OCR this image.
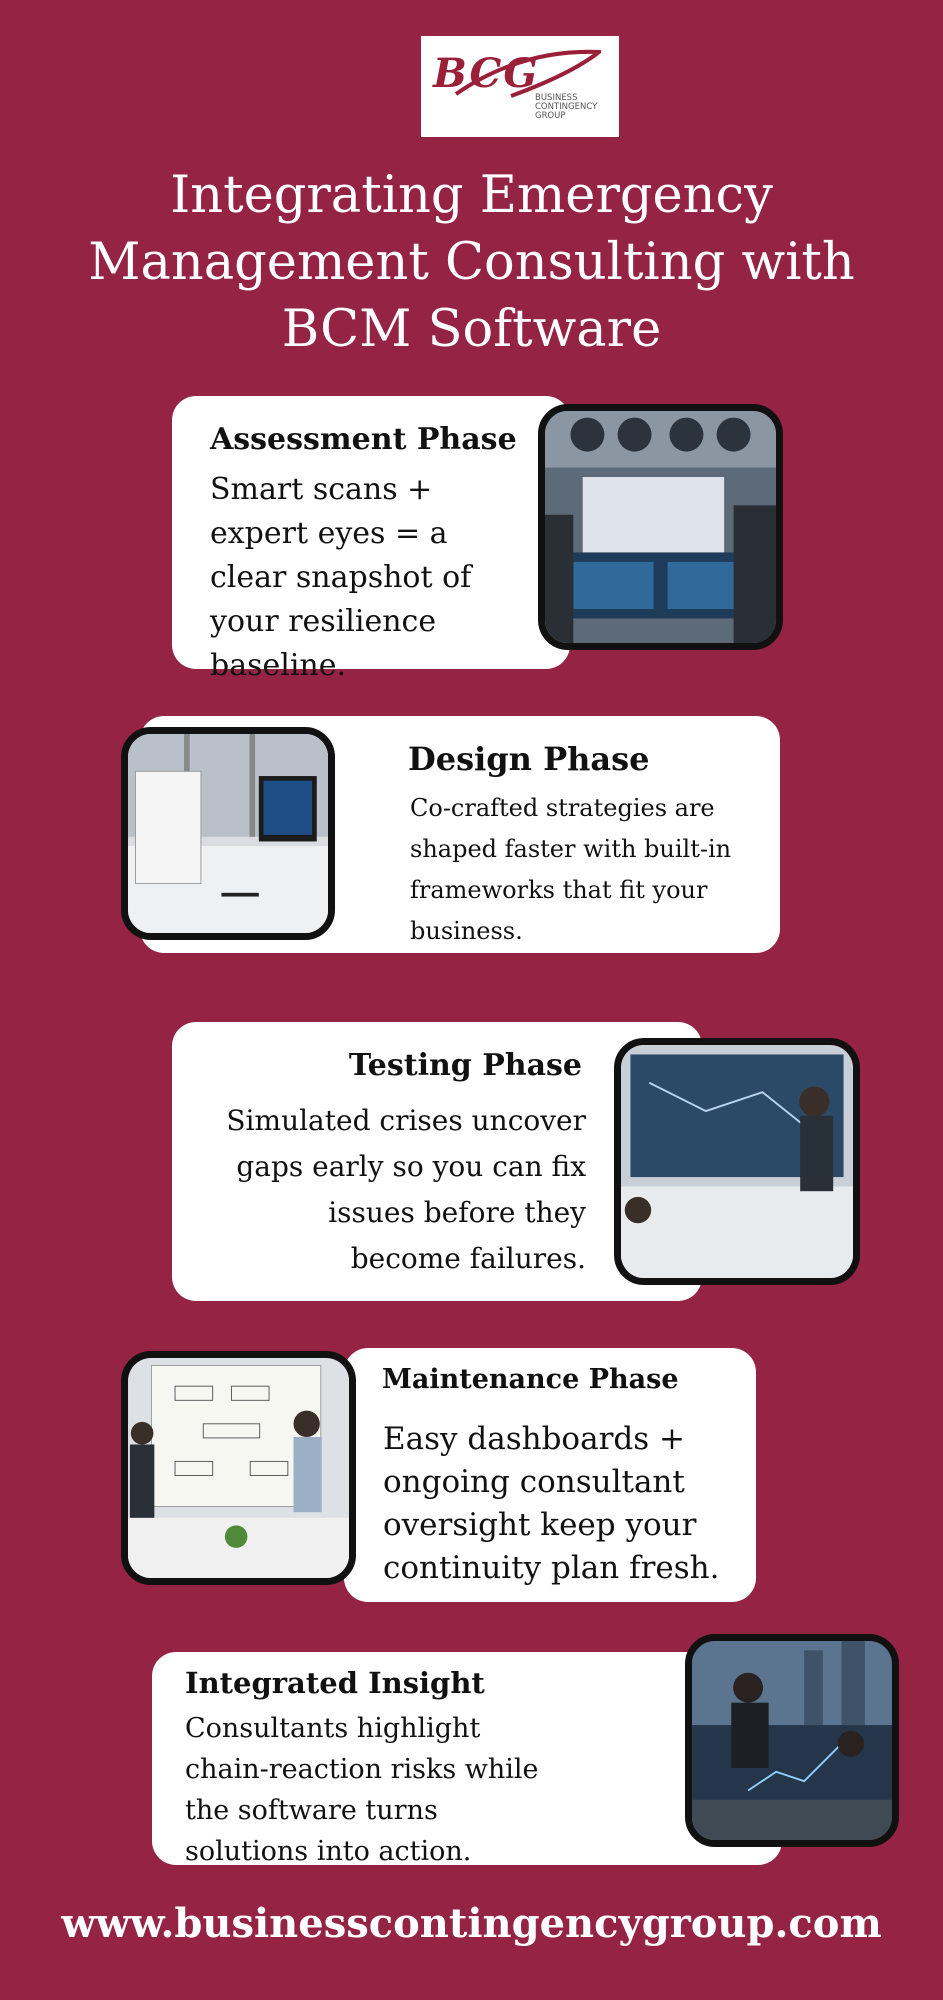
BCG
BUSINESS
CONTINGENCY
GROUP
Integrating Emergency Management Consulting with BCM Software
Assessment Phase

Smart scans + expert eyes = a clear snapshot of your resilience baseline.

Design Phase

Co-crafted strategies are shaped faster with built-in frameworks that fit your business.

Testing Phase

Simulated crises uncover gaps early so you can fix issues before they become failures.

Maintenance Phase

Easy dashboards + ongoing consultant oversight keep your continuity plan fresh.

Integrated Insight

Consultants highlight chain-reaction risks while the software turns solutions into action.

www.businesscontingencygroup.com
